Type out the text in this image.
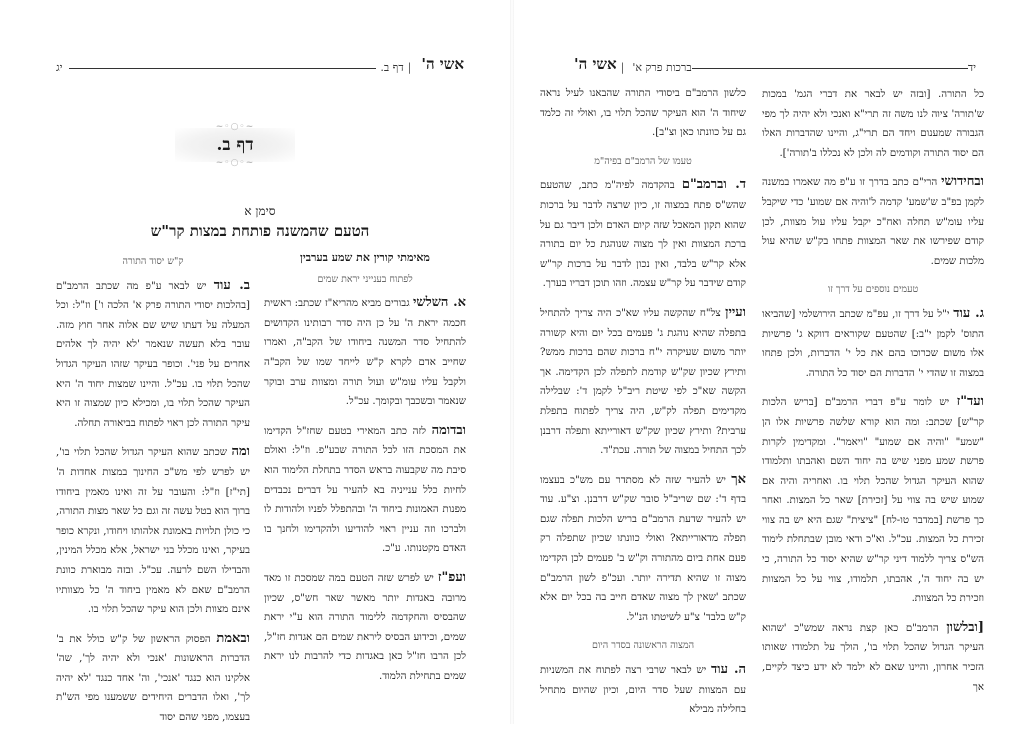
אשי ה'
|
דף ב.
יג
~◦○◦~
דף ב.
~◦○◦~
סימן א
הטעם שהמשנה פותחת במצות קר"ש
מאימתי קורין את שמע בערבין
לפתוח בענייני יראת שמים

א. השלשי גבורים מביא מהריא"ז שכתב: ראשית חכמה יראת ה' על כן היה סדר רבותינו הקדושים להתחיל סדר המשנה ביחודו של הקב"ה, ואמרו שחייב אדם לקרא ק"ש לייחד שמו של הקב"ה ולקבל עליו עומ"ש ועול תורה ומצוות ערב ובוקר שנאמר ובשכבך ובקומך. עכ"ל.

ובדומה לזה כתב המאירי בטעם שחז"ל הקדימו את המסכת הזו לכל התורה שבע"פ. וז"ל: ואולם סיבת מה שקבעוה בראש הסדר בתחלת הלימוד הוא לחיות כלל ענייניה בא להעיר על דברים נכבדים מפנות האמונות ביחוד ה' ובהתפלל לפניו ולהודות לו ולברכו וזה עניין ראוי להודיעו ולהקדימו ולחנך בו האדם מקטנותו. ע"כ.

ועפ"ז יש לפרש שזה הטעם במה שמסכת זו מאד מרובה באגדות יותר מאשר שאר חש"ס, שכיון שהבסיס והחקדמה ללימוד התורה הוא ע"י יראת שמים, וכידוע הבסיס ליראת שמים הם אגדות חז"ל, לכן הרבו חז"ל כאן באגדות כדי להרבות לנו יראת שמים בתחילת הלמוד.

ק"ש יסוד התורה

ב. עוד יש לבאר ע"פ מה שכתב הרמב"ם [בהלכות יסודי התורה פרק א' הלכה ו'] וז"ל: וכל המעלה על דעתו שיש שם אלוה אחר חוץ מזה. עובר בלא תעשה שנאמר 'לא יהיה לך אלהים אחרים על פני'. וכופר בעיקר שזהו העיקר הגדול שהכל תלוי בו. עכ"ל. והיינו שמצות יחוד ה' היא העיקר שהכל תלוי בו, ומכילא כיון שמצוה זו היא עיקר התורה לכן ראוי לפתוח בביאורה תחלה.

ומה שכתב שהוא העיקר הגדול שהכל תלוי בו', יש לפרש לפי מש"כ החינוך במצות אחדות ה' [תי"ז] וז"ל: והעובר על זה ואינו מאמין ביחודו ברוך הוא בטל עשה זה וגם כל שאר מצות התורה, כי כולן תלויות באמונת אלהותו ויחודו, ונקרא כופר בעיקר, ואינו מכלל בני ישראל, אלא מכלל המינין, והבדילו השם לרעה. עכ"ל. ובזה מבוארת כוונת הרמב"ם שאם לא מאמין ביחוד ה' כל מצוותיו אינם מצוות ולכן הוא עיקר שהכל תלוי בו.

ובאמת הפסוק הראשון של ק"ש כולל את ב' הדברות הראשונות 'אנכי ולא יהיה לך', שה' אלקינו הוא כנגד 'אנכי', וה' אחד כנגד 'לא יהיה לך', ואלו הדברים היחידים ששמענו מפי הש"ת בעצמו, מפני שהם יסוד

יד
ברכות פרק א'
|
אשי ה'

כל התורה. [ובזה יש לבאר את דברי הגמ' במכות ש'תורה' ציוה לנו משה זה תרי"א ואנכי ולא יהיה לך מפי הגבורה שמענום ויחד הם תרי"ג, והיינו שהדברות האלו הם יסוד התורה וקודמים לה ולכן לא נכללו ב'תורה'].

ובחידושי הרי"ם כתב בדרך זו ע"פ מה שאמרו במשנה לקמן בפ"ב ש'שמע' קדמה ל'והיה אם שמוע' כדי שיקבל עליו עומ"ש תחלה ואח"כ יקבל עליו עול מצוות, לכן קודם שפירשו את שאר המצוות פתחו בק"ש שהיא עול מלכות שמים.

טעמים נוספים על דרך זו

ג. עוד י"ל על דרך זו, עפ"מ שכתב הירושלמי [שהביאו התוס' לקמן י"ב:] שהטעם שקוראים דווקא ג' פרשיות אלו משום שכרוכו בהם את כל י' הדברות, ולכן פתחו במצוה זו שהדי י' הדברות הם יסוד כל התורה.

ועד"ז יש לומר ע"פ דברי הרמב"ם [בריש הלכות קר"ש] שכתב: ומה הוא קורא שלשה פרשיות אלו הן "שמע" "והיה אם שמוע" "ויאמר". ומקדימין לקרות פרשת שמע מפני שיש בה יחוד השם ואהבתו ותלמודו שהוא העיקר הגדול שהכל תלוי בו. ואחריה והיה אם שמוע שיש בה צווי על [זכירת] שאר כל המצות. ואחר כך פרשת [במדבר טו-לח] "ציצית" שגם היא יש בה צווי זכירת כל המצות. עכ"ל. וא"כ ודאי מובן שבתחלת לימוד הש"ס צריך ללמוד דיני קר"ש שהיא יסוד כל התורה, כי יש בה יחוד ה', אהבתו, תלמודו, צווי על כל המצוות וזכירת כל המצוות.

[ובלשון הרמב"ם כאן קצת נראה שמש"כ 'שהוא העיקר הגדול שהכל תלוי בו', הולך על תלמודו שאותו הזכיר אחרון, והיינו שאם לא ילמד לא ידע כיצד לקיים, אך

כלשון הרמב"ם ביסודי התורה שהבאנו לעיל נראה שיחוד ה' הוא העיקר שהכל תלוי בו, ואולי זה כלמד גם על כוונתו כאן וצ"ב].

טעמו של הרמב"ם בפיה"מ

ד. וברמב"ם בהקדמה לפיה"מ כתב, שהטעם שהש"ס פתח במצוה זו, כיון שרצה לדבר על ברכות שהוא תקון המאכל שזה קיום האדם ולכן דיבר גם על ברכת המצוות ואין לך מצוה שנוהגת כל יום בתורה אלא קר"ש בלבד, ואין נכון לדבר על ברכות קר"ש קודם שידבר על קר"ש עצמה. וזהו תוכן דבריו בערך.

ועיין צל"ח שהקשה עליו שא"כ היה צריך להתחיל בתפלה שהיא נוהגת ג' פעמים בכל יום והיא קשורה יותר משום שעיקרה י"ח ברכות שהם ברכות ממש? ותירץ שכיון שק"ש קודמת לתפלה לכן הקדימה. אך הקשה שא"כ לפי שיטת ריב"ל לקמן ד': שבלילה מקדימים תפלה לק"ש, היה צריך לפתוח בתפלת ערבית? ותירץ שכיון שק"ש דאורייתא ותפלה דרבנן לכך התחיל במצוה של תורה. עכת"ד.

אך יש להעיר שזה לא מסתדר עם מש"כ בעצמו בדף ד': שם שריב"ל סובר שק"ש דרבנן. וצ"ע. עוד יש להעיר שדעת הרמב"ם בריש הלכות תפלה שגם תפלה מדאורייתא? ואולי כוונתו שכיון שתפלה רק פעם אחת ביום מהתורה וק"ש ב' פעמים לכן הקדימו מצוה זו שהיא תדירה יותר. ועכ"פ לשון הרמב"ם שכתב 'שאין לך מצוה שאדם חייב בה בכל יום אלא ק"ש בלבד' צ"ע לשיטתו הנ"ל.

המצוה הראשונה בסדר היום

ה. עוד יש לבאר שרבי רצה לפתוח את המשניות עם המצוות שעל סדר היום, וכיון שהיום מתחיל בחלילה מבילא
